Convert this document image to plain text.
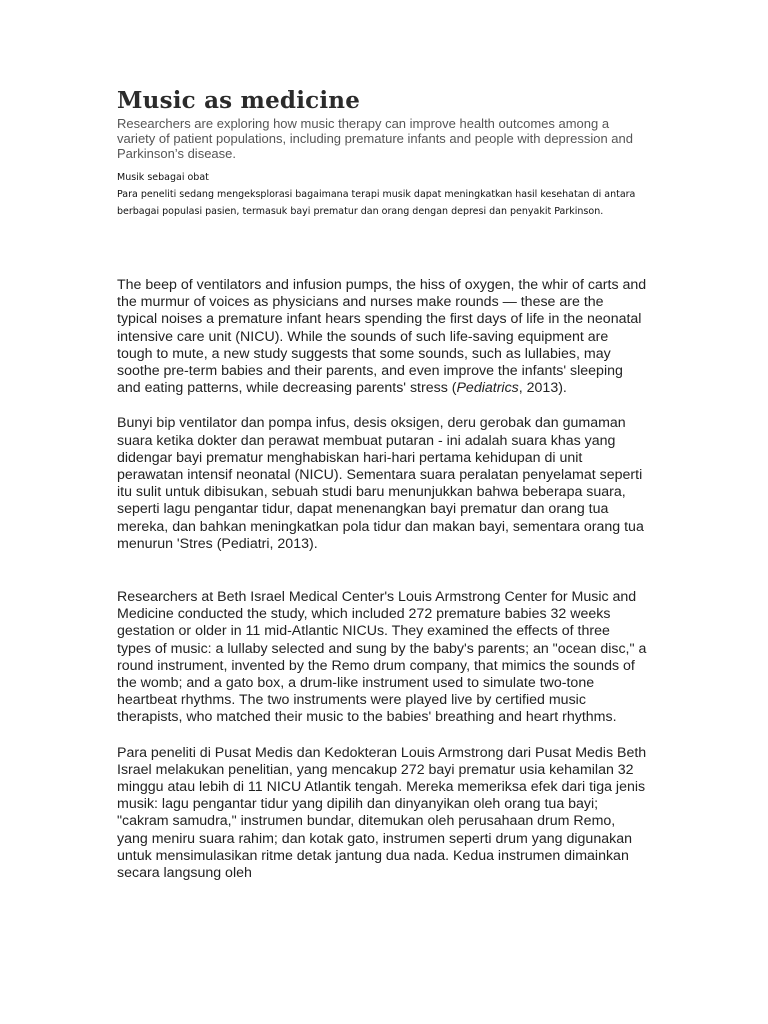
Music as medicine

Researchers are exploring how music therapy can improve health outcomes among a variety of patient populations, including premature infants and people with depression and Parkinson’s disease.

Musik sebagai obat

Para peneliti sedang mengeksplorasi bagaimana terapi musik dapat meningkatkan hasil kesehatan di antara berbagai populasi pasien, termasuk bayi prematur dan orang dengan depresi dan penyakit Parkinson.

The beep of ventilators and infusion pumps, the hiss of oxygen, the whir of carts and the murmur of voices as physicians and nurses make rounds — these are the typical noises a premature infant hears spending the first days of life in the neonatal intensive care unit (NICU). While the sounds of such life-saving equipment are tough to mute, a new study suggests that some sounds, such as lullabies, may soothe pre-term babies and their parents, and even improve the infants' sleeping and eating patterns, while decreasing parents' stress (Pediatrics, 2013).

Bunyi bip ventilator dan pompa infus, desis oksigen, deru gerobak dan gumaman suara ketika dokter dan perawat membuat putaran - ini adalah suara khas yang didengar bayi prematur menghabiskan hari-hari pertama kehidupan di unit perawatan intensif neonatal (NICU). Sementara suara peralatan penyelamat seperti itu sulit untuk dibisukan, sebuah studi baru menunjukkan bahwa beberapa suara, seperti lagu pengantar tidur, dapat menenangkan bayi prematur dan orang tua mereka, dan bahkan meningkatkan pola tidur dan makan bayi, sementara orang tua menurun 'Stres (Pediatri, 2013).

Researchers at Beth Israel Medical Center's Louis Armstrong Center for Music and Medicine conducted the study, which included 272 premature babies 32 weeks gestation or older in 11 mid-Atlantic NICUs. They examined the effects of three types of music: a lullaby selected and sung by the baby's parents; an "ocean disc," a round instrument, invented by the Remo drum company, that mimics the sounds of the womb; and a gato box, a drum-like instrument used to simulate two-tone heartbeat rhythms. The two instruments were played live by certified music therapists, who matched their music to the babies' breathing and heart rhythms.

Para peneliti di Pusat Medis dan Kedokteran Louis Armstrong dari Pusat Medis Beth Israel melakukan penelitian, yang mencakup 272 bayi prematur usia kehamilan 32 minggu atau lebih di 11 NICU Atlantik tengah. Mereka memeriksa efek dari tiga jenis musik: lagu pengantar tidur yang dipilih dan dinyanyikan oleh orang tua bayi; "cakram samudra," instrumen bundar, ditemukan oleh perusahaan drum Remo, yang meniru suara rahim; dan kotak gato, instrumen seperti drum yang digunakan untuk mensimulasikan ritme detak jantung dua nada. Kedua instrumen dimainkan secara langsung oleh
